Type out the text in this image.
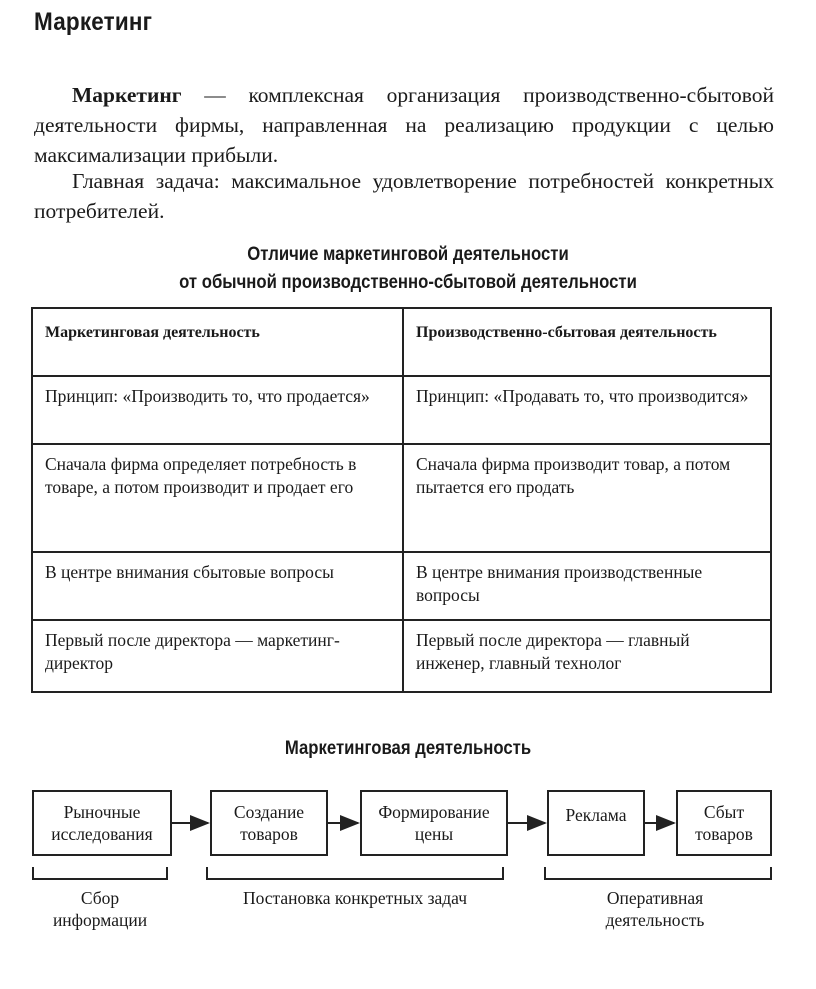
Маркетинг

Маркетинг — комплексная организация производственно-сбытовой деятельности фирмы, направленная на реализацию продукции с целью максимализации прибыли.

Главная задача: максимальное удовлетворение потребностей конкретных потребителей.

Отличие маркетинговой деятельности
от обычной производственно-сбытовой деятельности
Маркетинговая деятельность	Производственно-сбытовая деятельность
Принцип: «Производить то, что продается»	Принцип: «Продавать то, что производится»
Сначала фирма определяет потребность в товаре, а потом производит и продает его	Сначала фирма производит товар, а потом пытается его продать
В центре внимания сбытовые вопросы	В центре внимания производственные вопросы
Первый после директора — маркетинг-директор	Первый после директора — главный инженер, главный технолог
Маркетинговая деятельность
Рыночные исследования
Создание товаров
Формирование цены
Реклама	Сбыт товаров
Сбор информации
Постановка конкретных задач	Оперативная деятельность
